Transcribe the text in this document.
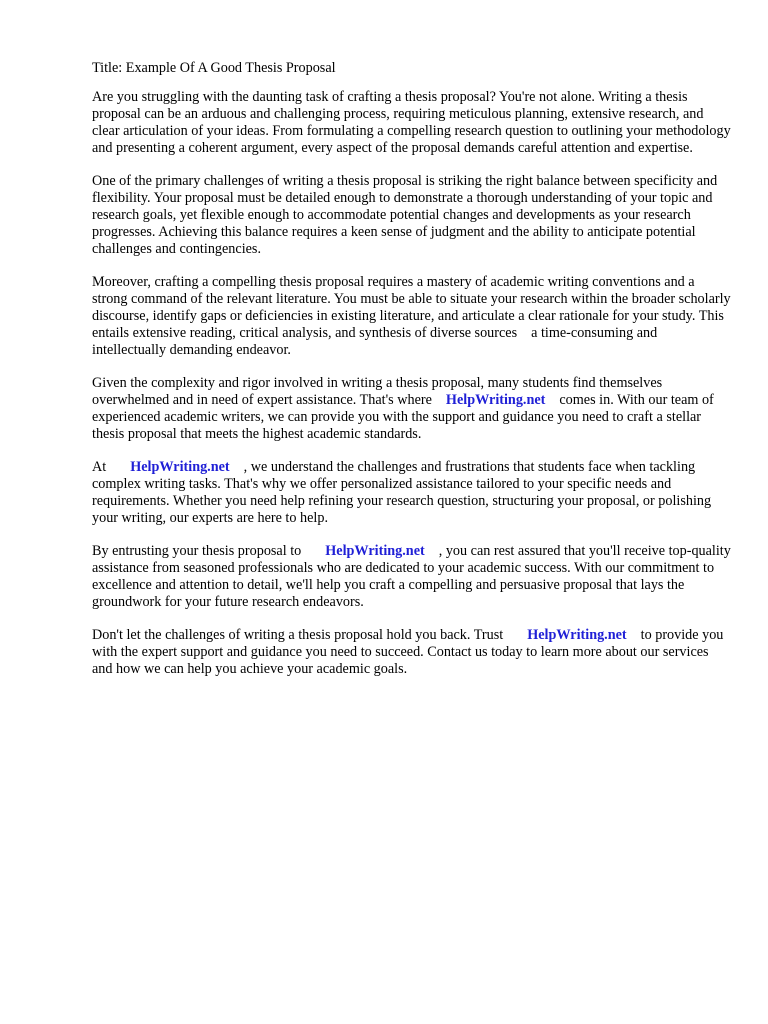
Title: Example Of A Good Thesis Proposal

Are you struggling with the daunting task of crafting a thesis proposal? You're not alone. Writing a thesis proposal can be an arduous and challenging process, requiring meticulous planning, extensive research, and clear articulation of your ideas. From formulating a compelling research question to outlining your methodology and presenting a coherent argument, every aspect of the proposal demands careful attention and expertise.

One of the primary challenges of writing a thesis proposal is striking the right balance between specificity and flexibility. Your proposal must be detailed enough to demonstrate a thorough understanding of your topic and research goals, yet flexible enough to accommodate potential changes and developments as your research progresses. Achieving this balance requires a keen sense of judgment and the ability to anticipate potential challenges and contingencies.

Moreover, crafting a compelling thesis proposal requires a mastery of academic writing conventions and a strong command of the relevant literature. You must be able to situate your research within the broader scholarly discourse, identify gaps or deficiencies in existing literature, and articulate a clear rationale for your study. This entails extensive reading, critical analysis, and synthesis of diverse sources a time-consuming and intellectually demanding endeavor.

Given the complexity and rigor involved in writing a thesis proposal, many students find themselves overwhelmed and in need of expert assistance. That's where HelpWriting.net comes in. With our team of experienced academic writers, we can provide you with the support and guidance you need to craft a stellar thesis proposal that meets the highest academic standards.

At HelpWriting.net , we understand the challenges and frustrations that students face when tackling complex writing tasks. That's why we offer personalized assistance tailored to your specific needs and requirements. Whether you need help refining your research question, structuring your proposal, or polishing your writing, our experts are here to help.

By entrusting your thesis proposal to HelpWriting.net , you can rest assured that you'll receive top-quality assistance from seasoned professionals who are dedicated to your academic success. With our commitment to excellence and attention to detail, we'll help you craft a compelling and persuasive proposal that lays the groundwork for your future research endeavors.

Don't let the challenges of writing a thesis proposal hold you back. Trust HelpWriting.net to provide you with the expert support and guidance you need to succeed. Contact us today to learn more about our services and how we can help you achieve your academic goals.
